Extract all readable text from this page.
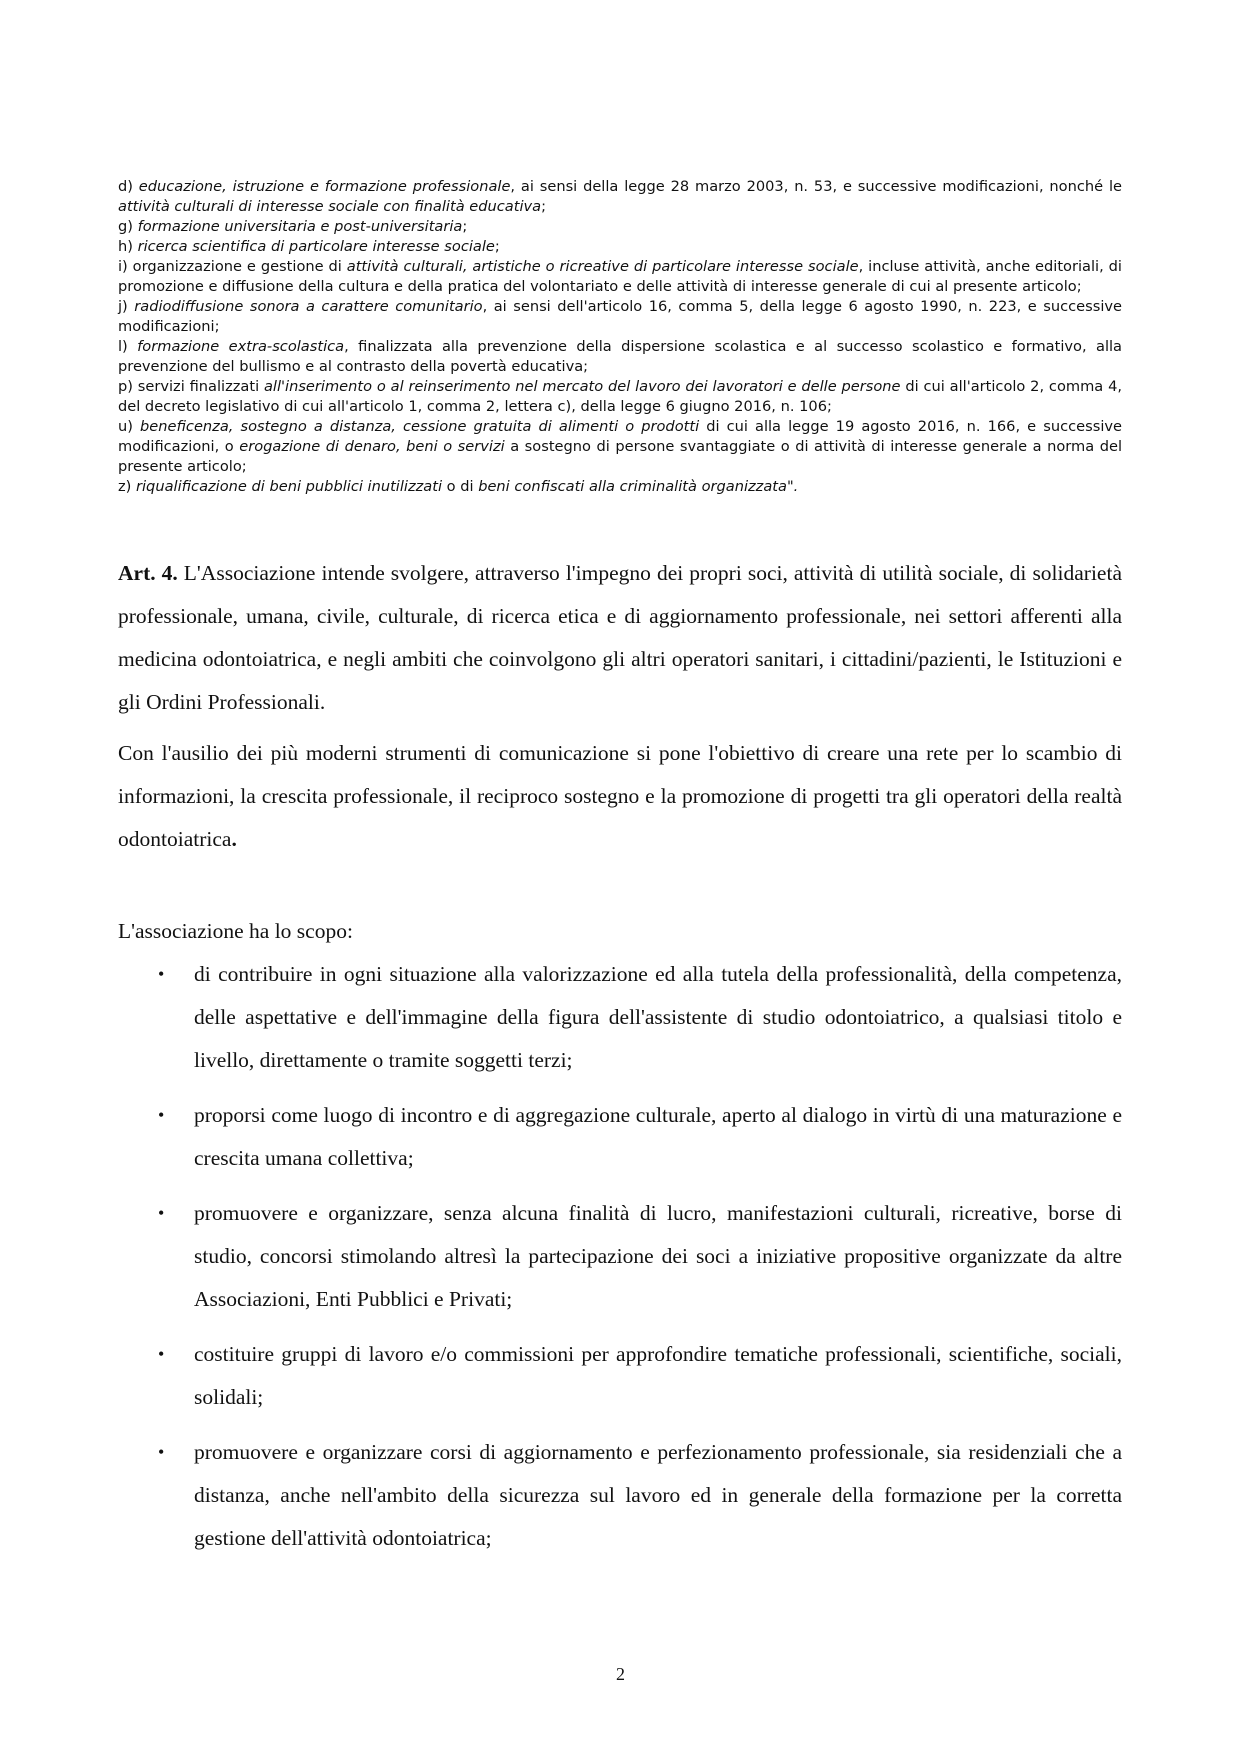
d) educazione, istruzione e formazione professionale, ai sensi della legge 28 marzo 2003, n. 53, e successive modificazioni, nonché le attività culturali di interesse sociale con finalità educativa;

g) formazione universitaria e post-universitaria;

h) ricerca scientifica di particolare interesse sociale;

i) organizzazione e gestione di attività culturali, artistiche o ricreative di particolare interesse sociale, incluse attività, anche editoriali, di promozione e diffusione della cultura e della pratica del volontariato e delle attività di interesse generale di cui al presente articolo;

j) radiodiffusione sonora a carattere comunitario, ai sensi dell'articolo 16, comma 5, della legge 6 agosto 1990, n. 223, e successive modificazioni;

l) formazione extra-scolastica, finalizzata alla prevenzione della dispersione scolastica e al successo scolastico e formativo, alla prevenzione del bullismo e al contrasto della povertà educativa;

p) servizi finalizzati all'inserimento o al reinserimento nel mercato del lavoro dei lavoratori e delle persone di cui all'articolo 2, comma 4, del decreto legislativo di cui all'articolo 1, comma 2, lettera c), della legge 6 giugno 2016, n. 106;

u) beneficenza, sostegno a distanza, cessione gratuita di alimenti o prodotti di cui alla legge 19 agosto 2016, n. 166, e successive modificazioni, o erogazione di denaro, beni o servizi a sostegno di persone svantaggiate o di attività di interesse generale a norma del presente articolo;

z) riqualificazione di beni pubblici inutilizzati o di beni confiscati alla criminalità organizzata".

Art. 4. L'Associazione intende svolgere, attraverso l'impegno dei propri soci, attività di utilità sociale, di solidarietà professionale, umana, civile, culturale, di ricerca etica e di aggiornamento professionale, nei settori afferenti alla medicina odontoiatrica, e negli ambiti che coinvolgono gli altri operatori sanitari, i cittadini/pazienti, le Istituzioni e gli Ordini Professionali.

Con l'ausilio dei più moderni strumenti di comunicazione si pone l'obiettivo di creare una rete per lo scambio di informazioni, la crescita professionale, il reciproco sostegno e la promozione di progetti tra gli operatori della realtà odontoiatrica.

L'associazione ha lo scopo:
• di contribuire in ogni situazione alla valorizzazione ed alla tutela della professionalità, della competenza, delle aspettative e dell'immagine della figura dell'assistente di studio odontoiatrico, a qualsiasi titolo e livello, direttamente o tramite soggetti terzi;
• proporsi come luogo di incontro e di aggregazione culturale, aperto al dialogo in virtù di una maturazione e crescita umana collettiva;
• promuovere e organizzare, senza alcuna finalità di lucro, manifestazioni culturali, ricreative, borse di studio, concorsi stimolando altresì la partecipazione dei soci a iniziative propositive organizzate da altre Associazioni, Enti Pubblici e Privati;
• costituire gruppi di lavoro e/o commissioni per approfondire tematiche professionali, scientifiche, sociali, solidali;
• promuovere e organizzare corsi di aggiornamento e perfezionamento professionale, sia residenziali che a distanza, anche nell'ambito della sicurezza sul lavoro ed in generale della formazione per la corretta gestione dell'attività odontoiatrica;
2
